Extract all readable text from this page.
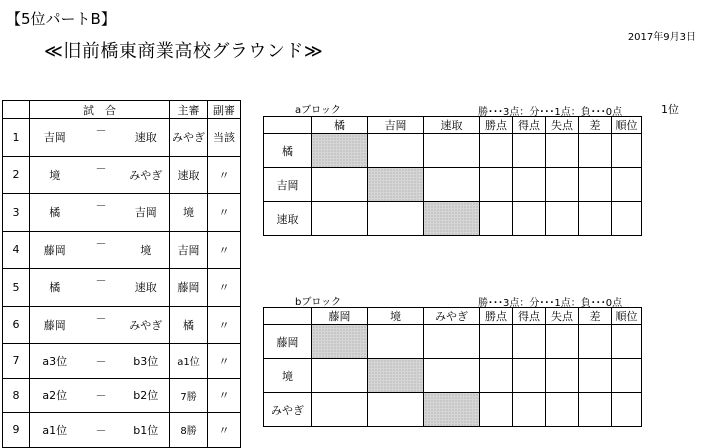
【5位パートB】
≪旧前橋東商業高校グラウンド≫
2017年9月3日
	試　合			主審	副審
1	吉岡	－	速取	みやぎ	当該
2	境	－	みやぎ	速取	〃
3	橘	－	吉岡	境	〃
4	藤岡	－	境	吉岡	〃
5	橘	－	速取	藤岡	〃
6	藤岡	－	みやぎ	橘	〃
7	a3位	－	b3位	a1位	〃
8	a2位	－	b2位	7勝	〃
9	a1位	－	b1位	8勝	〃
aブロック	勝･･･3点：分･･･1点：負･･･0点	1位
	橘	吉岡	速取	勝点	得点	失点	差	順位
橘								
吉岡								
速取								
bブロック	勝･･･3点：分･･･1点：負･･･0点
	藤岡	境	みやぎ	勝点	得点	失点	差	順位
藤岡								
境								
みやぎ								
